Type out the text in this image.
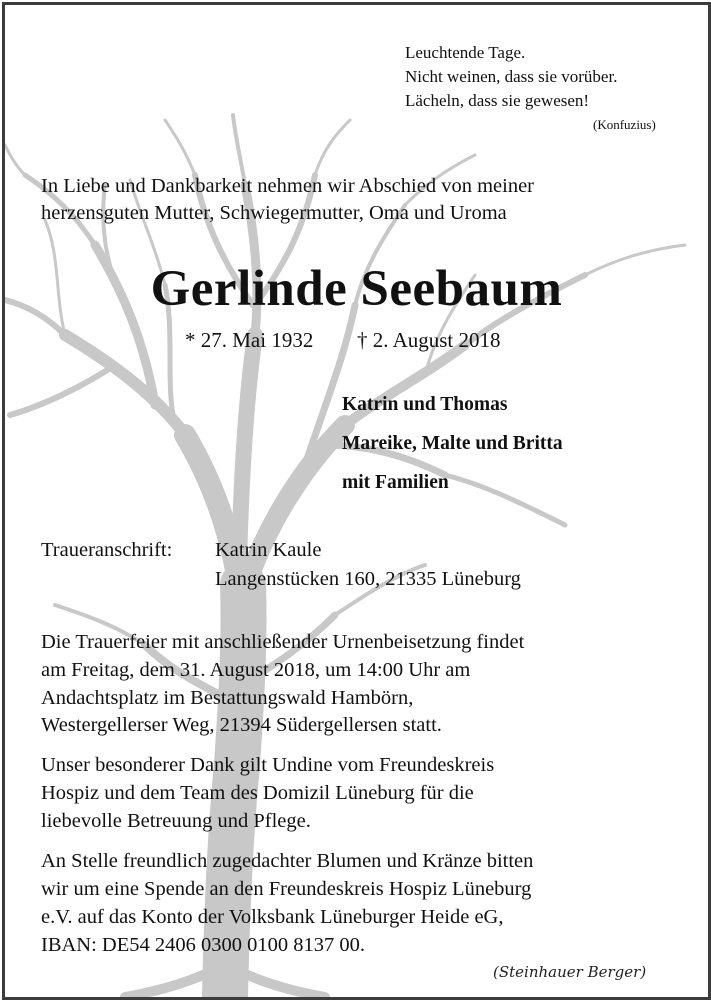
Leuchtende Tage.
Nicht weinen, dass sie vorüber.
Lächeln, dass sie gewesen!
(Konfuzius)
In Liebe und Dankbarkeit nehmen wir Abschied von meiner
herzensguten Mutter, Schwiegermutter, Oma und Uroma
Gerlinde Seebaum
* 27. Mai 1932 † 2. August 2018
Katrin und Thomas
Mareike, Malte und Britta
mit Familien
Traueranschrift: Katrin Kaule
Langenstücken 160, 21335 Lüneburg
Die Trauerfeier mit anschließender Urnenbeisetzung findet
am Freitag, dem 31. August 2018, um 14:00 Uhr am
Andachtsplatz im Bestattungswald Hambörn,
Westergellerser Weg, 21394 Südergellersen statt.
Unser besonderer Dank gilt Undine vom Freundeskreis
Hospiz und dem Team des Domizil Lüneburg für die
liebevolle Betreuung und Pflege.
An Stelle freundlich zugedachter Blumen und Kränze bitten
wir um eine Spende an den Freundeskreis Hospiz Lüneburg
e.V. auf das Konto der Volksbank Lüneburger Heide eG,
IBAN: DE54 2406 0300 0100 8137 00.
(Steinhauer Berger)
